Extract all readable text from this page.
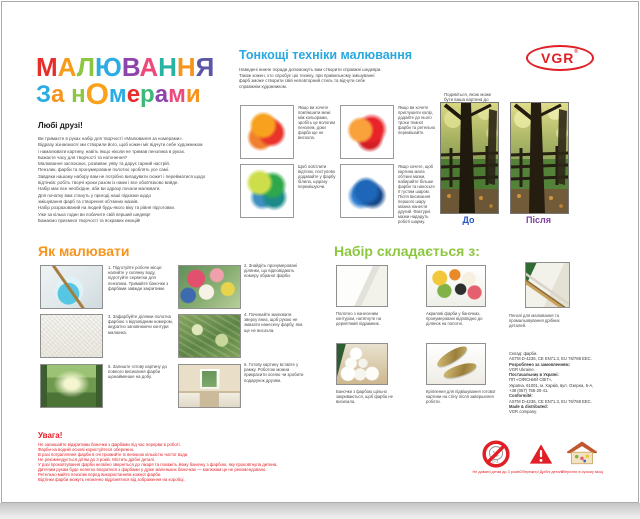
МАЛЮВАННЯ
За нОмерами
Любі друзі!
Ви тримаєте в руках набір для творчості «Малювання за номерами».
Відразу зізнаємося: ми створили його, щоб кожен міг відчути себе художником
і намалювати картину, навіть якщо ніколи не тримав пензлика в руках.
Бажаєте часу для творчості та натхнення?
Малювання заспокоює, розвиває уяву та дарує гарний настрій.
Пензлик, фарби та пронумероване полотно зроблять усе самі.
Завдяки нашому набору вам не потрібно вигадувати сюжет і перейматися щодо
відтінків: робіть творчі кроки разом із нами і все обов'язково вийде.
Набір має все необхідне, аби ви одразу почали малювати.
Для початку вам стануть у пригоді наші підказки щодо
змішування фарб та створення об'ємних мазків.
Набір розрахований на людей будь-якого віку та рівня підготовки.
Уже за кілька годин ви побачите свій перший шедевр!
Бажаємо приємної творчості та яскравих емоцій!
Тонкощі техніки малювання
Наведені нижче поради допоможуть вам створити справжні шедеври.
Також кожен, хто спробує цю техніку, при правильному змішуванні
фарб зможе створити свій неповторний стиль та відчути себе
справжнім художником.
Якщо ви хочете пом'якшити межі між кольорами, зробіть це вологим пензлем, доки фарба ще не висохла.
Якщо ви хочете приглушити колір, додайте до нього трохи темної фарби та ретельно перемішайте.
Щоб освітлити відтінок, поступово додавайте у фарбу білила, щоразу перемішуючи.
Якщо хочете, щоб картина мала об'ємні мазки, набирайте більше фарби та наносьте її густим шаром. Після висихання першого шару можна нанести другий. Фактурні мазки нададуть роботі шарму.
VGR ®
Подивіться, якою може
бути ваша картина до
До	Після
Як малювати
1. Підготуйте робоче місце: налийте у склянку воду, підготуйте серветки для пензлика. Тримайте баночки з фарбами завжди закритими.
2. Знайдіть пронумеровані ділянки, що відповідають номеру обраної фарби.
3. Зафарбуйте ділянки полотна фарбою з відповідним номером, акуратно заповнюючи контури малюнка.
4. Починайте малювати зверху вниз, щоб рукою не змазати нанесену фарбу, яка ще не висохла.
5. Залиште готову картину до повного висихання фарби щонайменше на добу.
6. Готову картину вставте у рамку. Роботою можна прикрасити оселю чи зробити подарунок друзям.
Набір складається з:
Полотно з нанесеним контуром, натягнуте на дерев'яний підрамник.
Акрилові фарби у баночках, пронумеровані відповідно до ділянок на полотні.
Пензлі для малювання та промальовування дрібних деталей.
Баночки з фарбою щільно закриваються, щоб фарба не висихала.
Кріплення для підвішування готової картини на стіну після завершення роботи.
Склад: фарби.
ASTM D-4236, CE EN71.3, EU 76/768 EEC.
Розроблено за замовленням:
VGR Ukraine.
Постачальник в Україні:
ПП «ОФІСНИЙ СВІТ»,
Україна, 61001, м. Харків, вул. Озерна, 5-А,
+38 (057) 755-20-41.
Conformité:
ASTM D-4236, CE EN71.3, EU 76/768 EEC.
Made & distributed:
VGR company.
Увага!
Не залишайте відкритими баночки з фарбами під час перерви в роботі.
Фарби на водній основі користуйтеся обережно.
В разі потрапляння фарби в очі промийте їх великою кількістю чистої води.
Не рекомендується дітям до 3 років. Містить дрібні деталі.
У разі проковтування фарби негайно зверніться до лікаря та покажіть йому баночку з фарбою, яку проковтнула дитина.
Дитячим рукам буде нелегко впоратися з фарбами у дуже маленьких баночках — малюкам це не рекомендовано.
Ретельно мийте пензлик перед використанням кожної фарби.
Відтінки фарби можуть незначно відрізнятися від зображення на коробці.
0-3
Не давати дітям до 3 років Обережно! Дрібні деталі
Зберігати в сухому місці
